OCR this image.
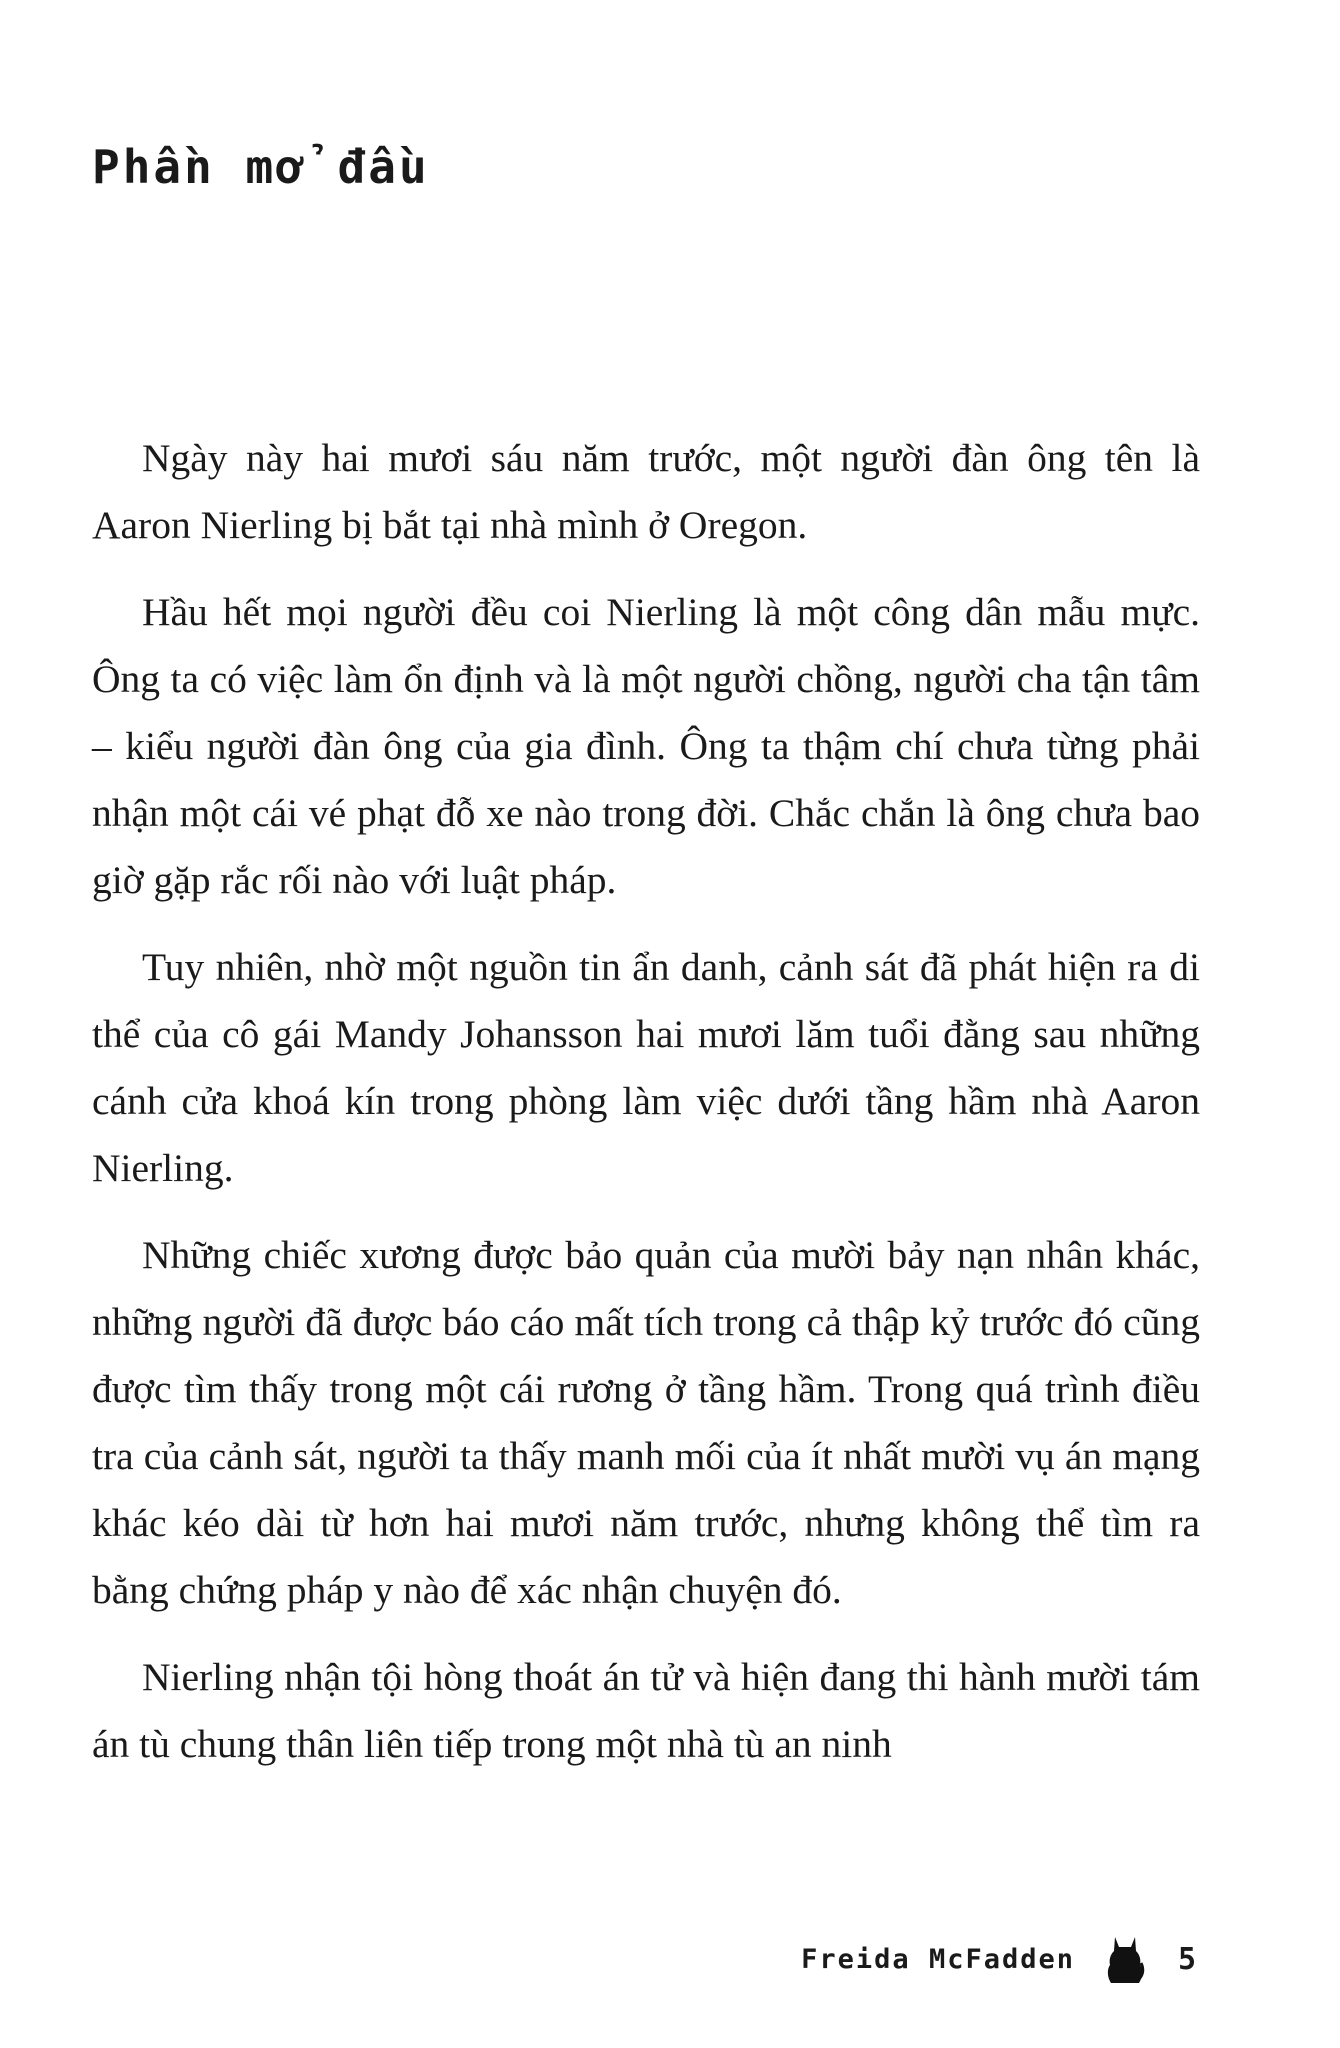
Phần mở đầu

Ngày này hai mươi sáu năm trước, một người đàn ông tên là Aaron Nierling bị bắt tại nhà mình ở Oregon.

Hầu hết mọi người đều coi Nierling là một công dân mẫu mực. Ông ta có việc làm ổn định và là một người chồng, người cha tận tâm – kiểu người đàn ông của gia đình. Ông ta thậm chí chưa từng phải nhận một cái vé phạt đỗ xe nào trong đời. Chắc chắn là ông chưa bao giờ gặp rắc rối nào với luật pháp.

Tuy nhiên, nhờ một nguồn tin ẩn danh, cảnh sát đã phát hiện ra di thể của cô gái Mandy Johansson hai mươi lăm tuổi đằng sau những cánh cửa khoá kín trong phòng làm việc dưới tầng hầm nhà Aaron Nierling.

Những chiếc xương được bảo quản của mười bảy nạn nhân khác, những người đã được báo cáo mất tích trong cả thập kỷ trước đó cũng được tìm thấy trong một cái rương ở tầng hầm. Trong quá trình điều tra của cảnh sát, người ta thấy manh mối của ít nhất mười vụ án mạng khác kéo dài từ hơn hai mươi năm trước, nhưng không thể tìm ra bằng chứng pháp y nào để xác nhận chuyện đó.

Nierling nhận tội hòng thoát án tử và hiện đang thi hành mười tám án tù chung thân liên tiếp trong một nhà tù an ninh

Freida McFadden	5
